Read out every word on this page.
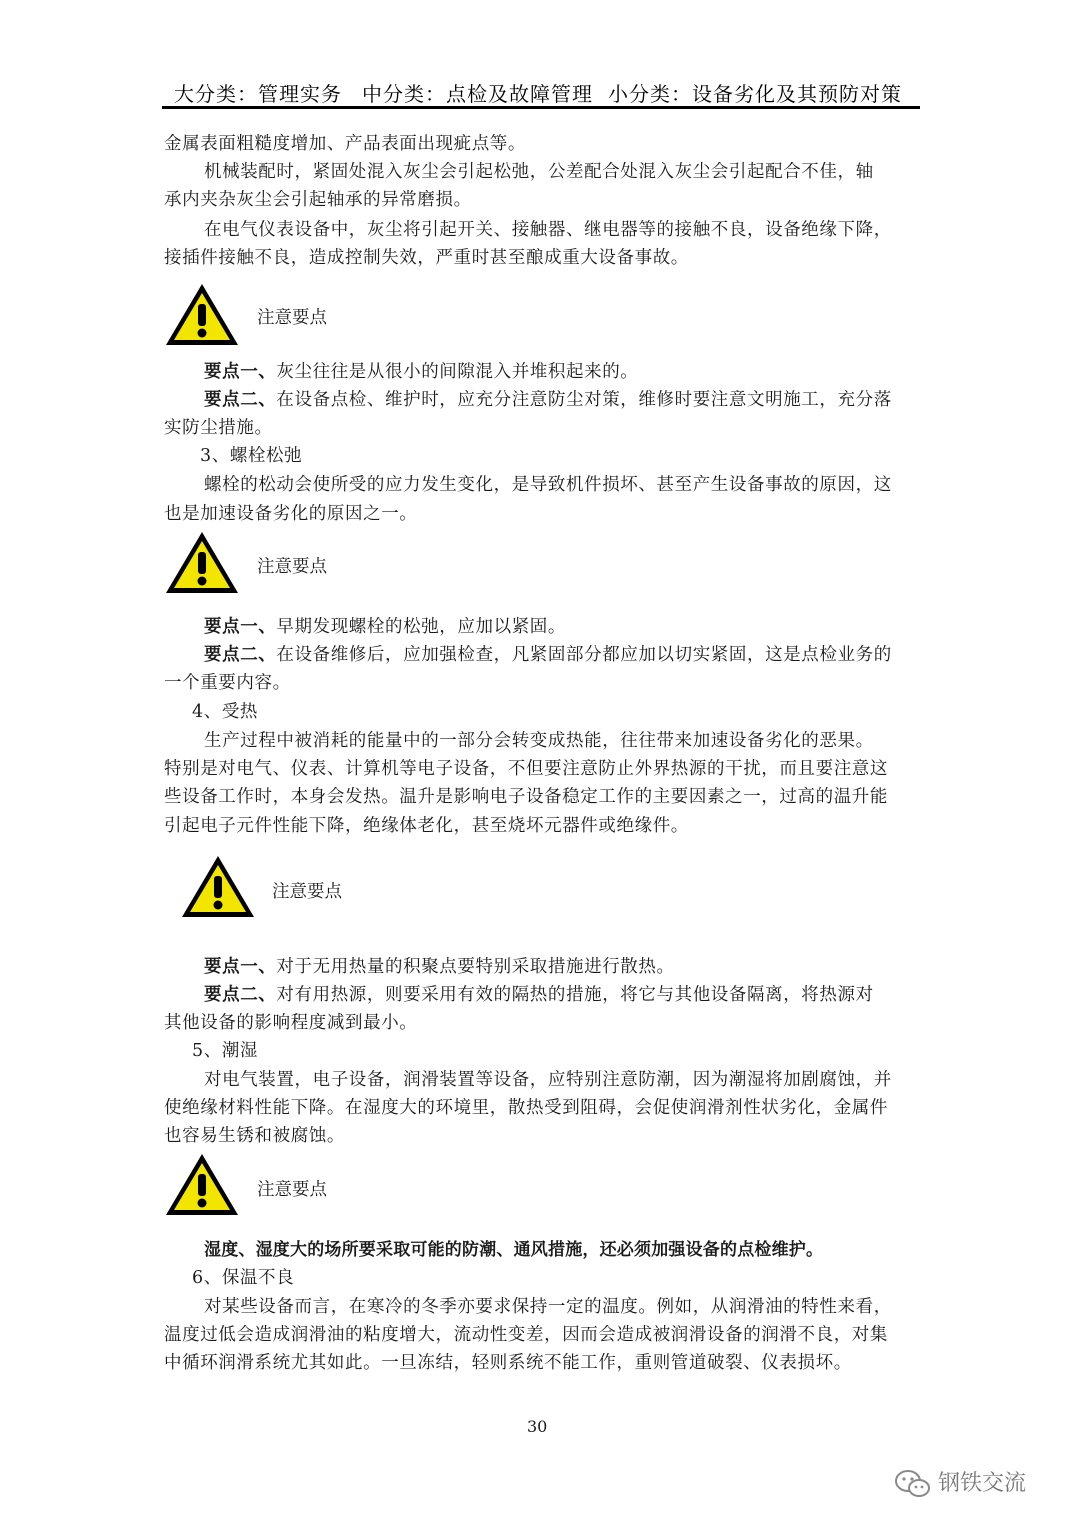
大分类：管理实务 中分类：点检及故障管理 小分类：设备劣化及其预防对策
金属表面粗糙度增加、产品表面出现疵点等。
机械装配时，紧固处混入灰尘会引起松弛，公差配合处混入灰尘会引起配合不佳，轴
承内夹杂灰尘会引起轴承的异常磨损。
在电气仪表设备中，灰尘将引起开关、接触器、继电器等的接触不良，设备绝缘下降，
接插件接触不良，造成控制失效，严重时甚至酿成重大设备事故。
注意要点
要点一、灰尘往往是从很小的间隙混入并堆积起来的。
要点二、在设备点检、维护时，应充分注意防尘对策，维修时要注意文明施工，充分落
实防尘措施。
3、螺栓松弛
螺栓的松动会使所受的应力发生变化，是导致机件损坏、甚至产生设备事故的原因，这
也是加速设备劣化的原因之一。
注意要点
要点一、早期发现螺栓的松弛，应加以紧固。
要点二、在设备维修后，应加强检查，凡紧固部分都应加以切实紧固，这是点检业务的
一个重要内容。
4、受热
生产过程中被消耗的能量中的一部分会转变成热能，往往带来加速设备劣化的恶果。
特别是对电气、仪表、计算机等电子设备，不但要注意防止外界热源的干扰，而且要注意这
些设备工作时，本身会发热。温升是影响电子设备稳定工作的主要因素之一，过高的温升能
引起电子元件性能下降，绝缘体老化，甚至烧坏元器件或绝缘件。
注意要点
要点一、对于无用热量的积聚点要特别采取措施进行散热。
要点二、对有用热源，则要采用有效的隔热的措施，将它与其他设备隔离，将热源对
其他设备的影响程度减到最小。
5、潮湿
对电气装置，电子设备，润滑装置等设备，应特别注意防潮，因为潮湿将加剧腐蚀，并
使绝缘材料性能下降。在湿度大的环境里，散热受到阻碍，会促使润滑剂性状劣化，金属件
也容易生锈和被腐蚀。
注意要点
湿度、湿度大的场所要采取可能的防潮、通风措施，还必须加强设备的点检维护。
6、保温不良
对某些设备而言，在寒冷的冬季亦要求保持一定的温度。例如，从润滑油的特性来看，
温度过低会造成润滑油的粘度增大，流动性变差，因而会造成被润滑设备的润滑不良，对集
中循环润滑系统尤其如此。一旦冻结，轻则系统不能工作，重则管道破裂、仪表损坏。
30
钢铁交流
